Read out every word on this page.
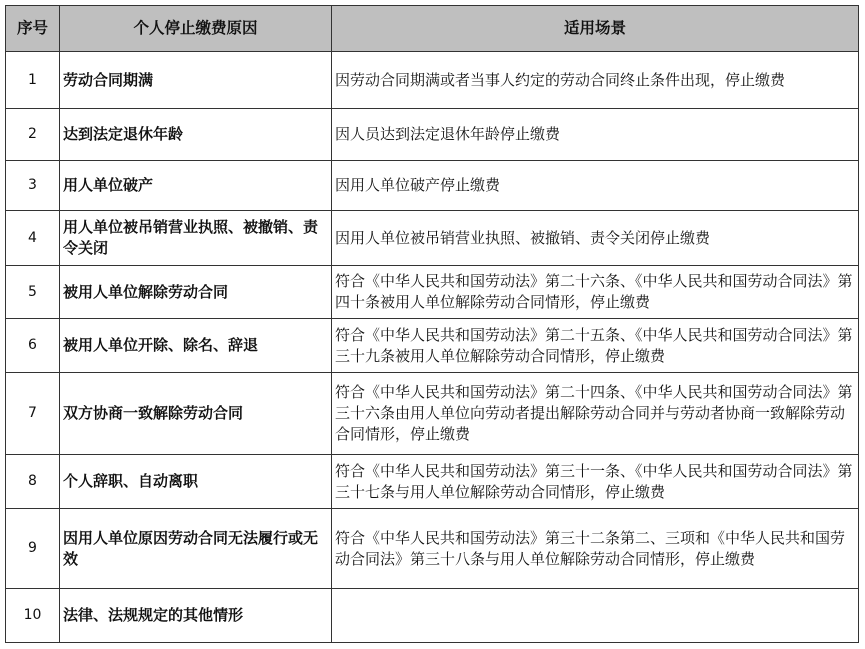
序号	个人停止缴费原因	适用场景
1	劳动合同期满	因劳动合同期满或者当事人约定的劳动合同终止条件出现，停止缴费
2	达到法定退休年龄	因人员达到法定退休年龄停止缴费
3	用人单位破产	因用人单位破产停止缴费
4	用人单位被吊销营业执照、被撤销、责令关闭	因用人单位被吊销营业执照、被撤销、责令关闭停止缴费
5	被用人单位解除劳动合同	符合《中华人民共和国劳动法》第二十六条、《中华人民共和国劳动合同法》第四十条被用人单位解除劳动合同情形，停止缴费
6	被用人单位开除、除名、辞退	符合《中华人民共和国劳动法》第二十五条、《中华人民共和国劳动合同法》第三十九条被用人单位解除劳动合同情形，停止缴费
7	双方协商一致解除劳动合同	符合《中华人民共和国劳动法》第二十四条、《中华人民共和国劳动合同法》第三十六条由用人单位向劳动者提出解除劳动合同并与劳动者协商一致解除劳动合同情形，停止缴费
8	个人辞职、自动离职	符合《中华人民共和国劳动法》第三十一条、《中华人民共和国劳动合同法》第三十七条与用人单位解除劳动合同情形，停止缴费
9	因用人单位原因劳动合同无法履行或无效	符合《中华人民共和国劳动法》第三十二条第二、三项和《中华人民共和国劳动合同法》第三十八条与用人单位解除劳动合同情形，停止缴费
10	法律、法规规定的其他情形	
